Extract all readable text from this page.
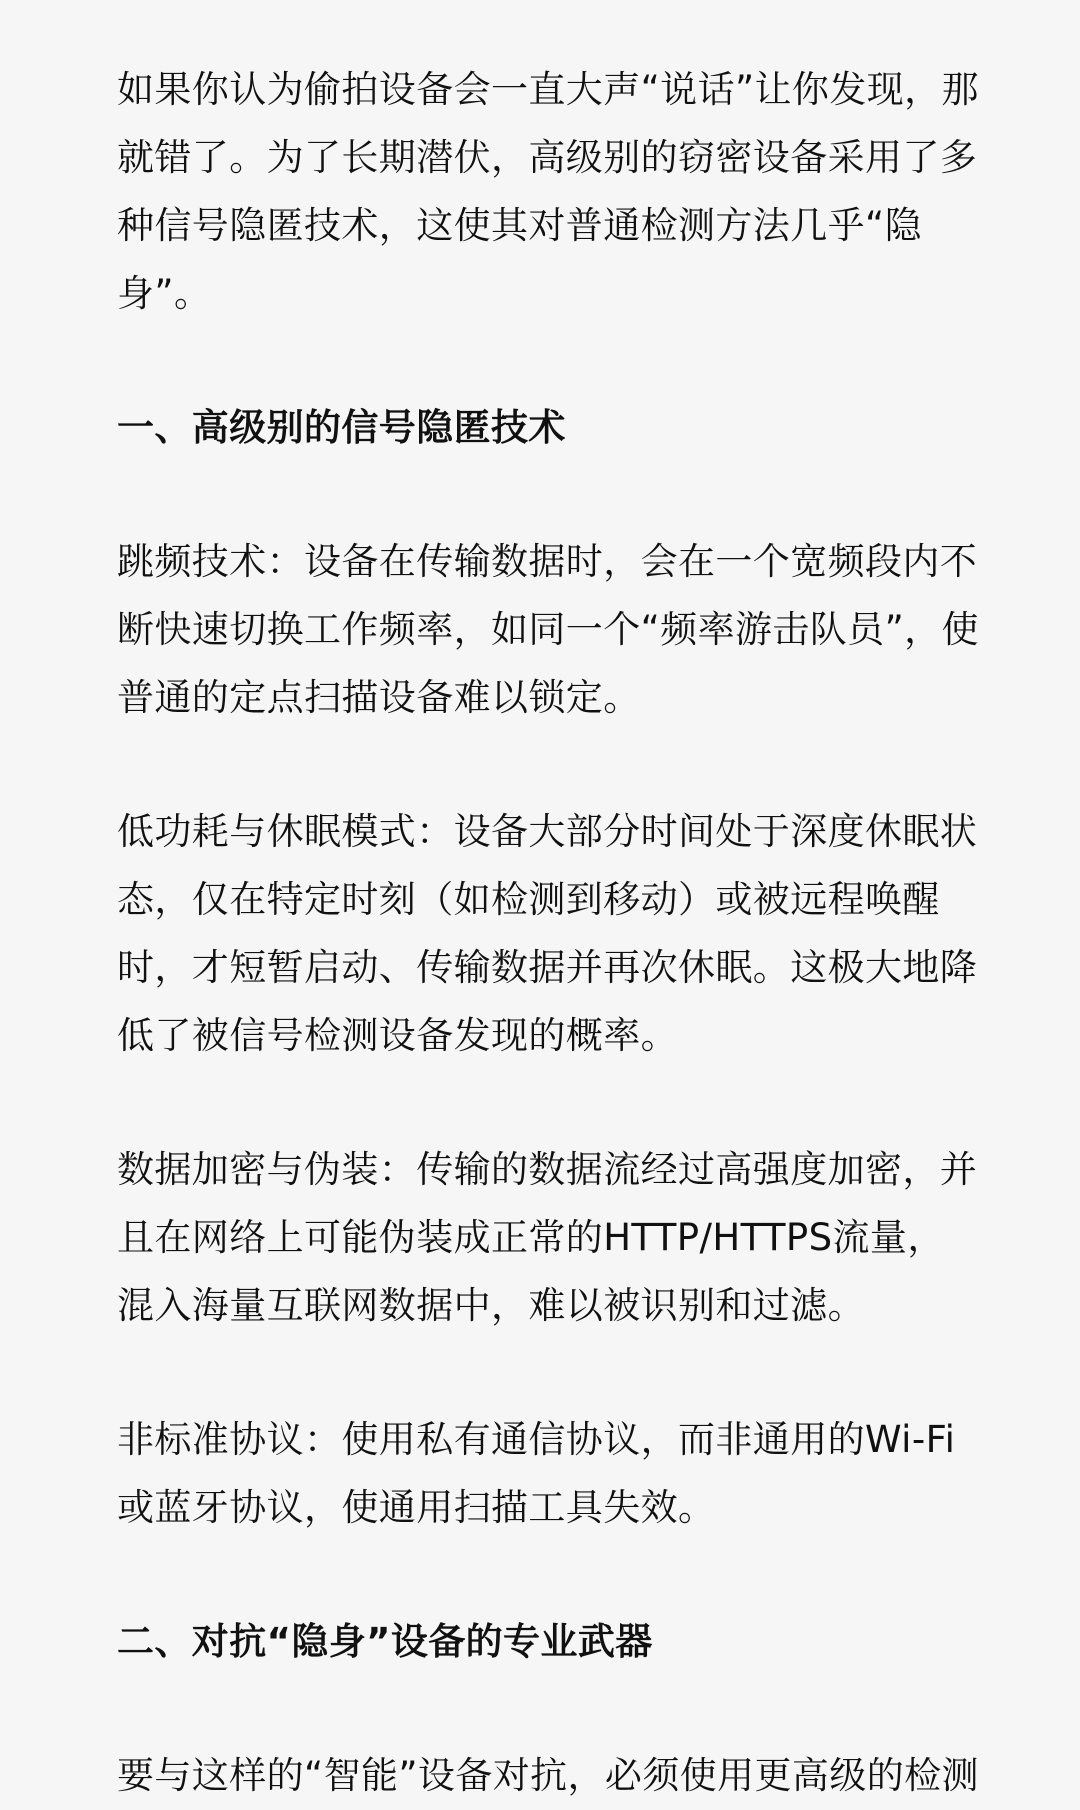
如果你认为偷拍设备会一直大声“说话”让你发现，那就错了。为了长期潜伏，高级别的窃密设备采用了多种信号隐匿技术，这使其对普通检测方法几乎“隐身”。

一、高级别的信号隐匿技术

跳频技术：设备在传输数据时，会在一个宽频段内不断快速切换工作频率，如同一个“频率游击队员”，使普通的定点扫描设备难以锁定。

低功耗与休眠模式：设备大部分时间处于深度休眠状态，仅在特定时刻（如检测到移动）或被远程唤醒时，才短暂启动、传输数据并再次休眠。这极大地降低了被信号检测设备发现的概率。

数据加密与伪装：传输的数据流经过高强度加密，并且在网络上可能伪装成正常的HTTP/HTTPS流量，混入海量互联网数据中，难以被识别和过滤。

非标准协议：使用私有通信协议，而非通用的Wi-Fi或蓝牙协议，使通用扫描工具失效。

二、对抗“隐身”设备的专业武器

要与这样的“智能”设备对抗，必须使用更高级的检测
